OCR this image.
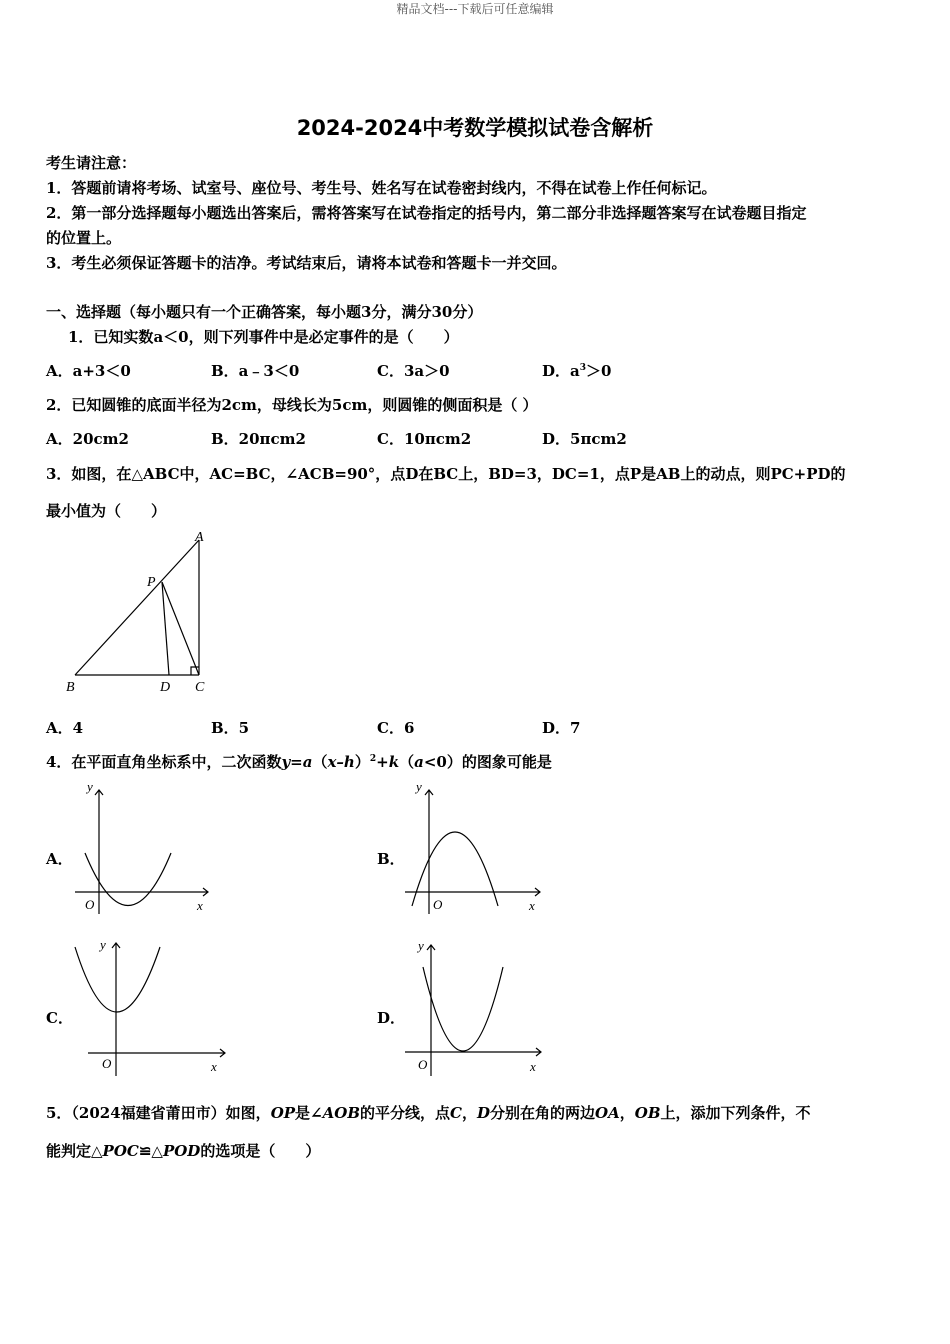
精品文档---下载后可任意编辑
2024-2024中考数学模拟试卷含解析
考生请注意：
1．答题前请将考场、试室号、座位号、考生号、姓名写在试卷密封线内，不得在试卷上作任何标记。
2．第一部分选择题每小题选出答案后，需将答案写在试卷指定的括号内，第二部分非选择题答案写在试卷题目指定
的位置上。
3．考生必须保证答题卡的洁净。考试结束后，请将本试卷和答题卡一并交回。
一、选择题（每小题只有一个正确答案，每小题3分，满分30分）
1．已知实数a＜0，则下列事件中是必定事件的是（　　）
A．a+3＜0	B．a﹣3＜0	C．3a＞0	D．$a^3>0$
2．已知圆锥的底面半径为2cm，母线长为5cm，则圆锥的侧面积是（ ）
A．20cm2	B．20πcm2	C．10πcm2	D．5πcm2
3．如图，在△ABC中，AC=BC，∠ACB=90°，点D在BC上，BD=3，DC=1，点P是AB上的动点，则PC+PD的
最小值为（　　）
A
P
B	D C
A．4	B．5	C．6	D．7
4．在平面直角坐标系中，二次函数$y=a(x-h)^2+k(a<0)$的图象可能是
A．	B．
C．	D．
y
x
O
y
x
O
y
x
O
y
x
O
5．（2024福建省莆田市）如图，OP是∠AOB的平分线，点C，D分别在角的两边OA，OB上，添加下列条件，不
能判定△POC≌△POD的选项是（　　）
